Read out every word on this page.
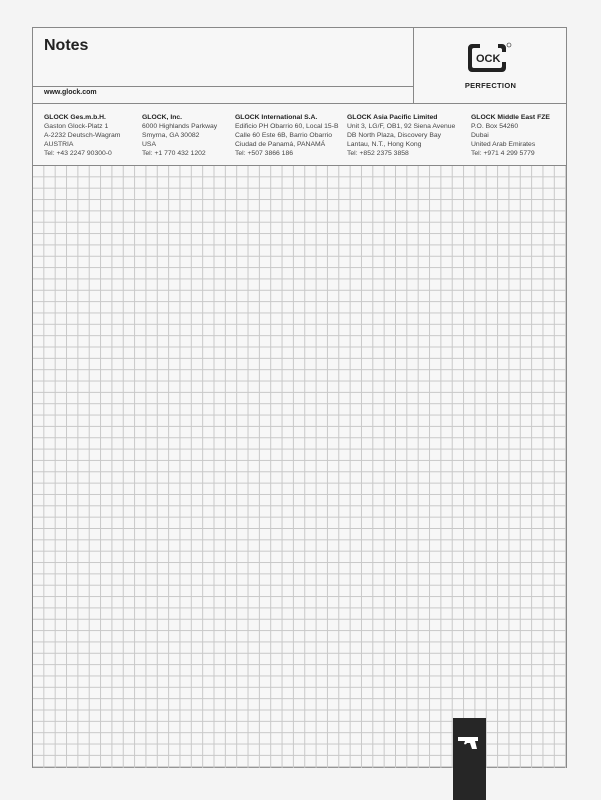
Notes
www.glock.com
OCK
PERFECTION
GLOCK Ges.m.b.H.
Gaston Glock-Platz 1
A-2232 Deutsch-Wagram
AUSTRIA
Tel: +43 2247 90300-0
GLOCK, Inc.
6000 Highlands Parkway
Smyrna, GA 30082
USA
Tel: +1 770 432 1202
GLOCK International S.A.
Edificio PH Obarrio 60, Local 15-B
Calle 60 Este 6B, Barrio Obarrio
Ciudad de Panamá, PANAMÁ
Tel: +507 3866 186
GLOCK Asia Pacific Limited
Unit 3, LG/F, OB1, 92 Siena Avenue
DB North Plaza, Discovery Bay
Lantau, N.T., Hong Kong
Tel: +852 2375 3858
GLOCK Middle East FZE
P.O. Box 54260
Dubai
United Arab Emirates
Tel: +971 4 299 5779
